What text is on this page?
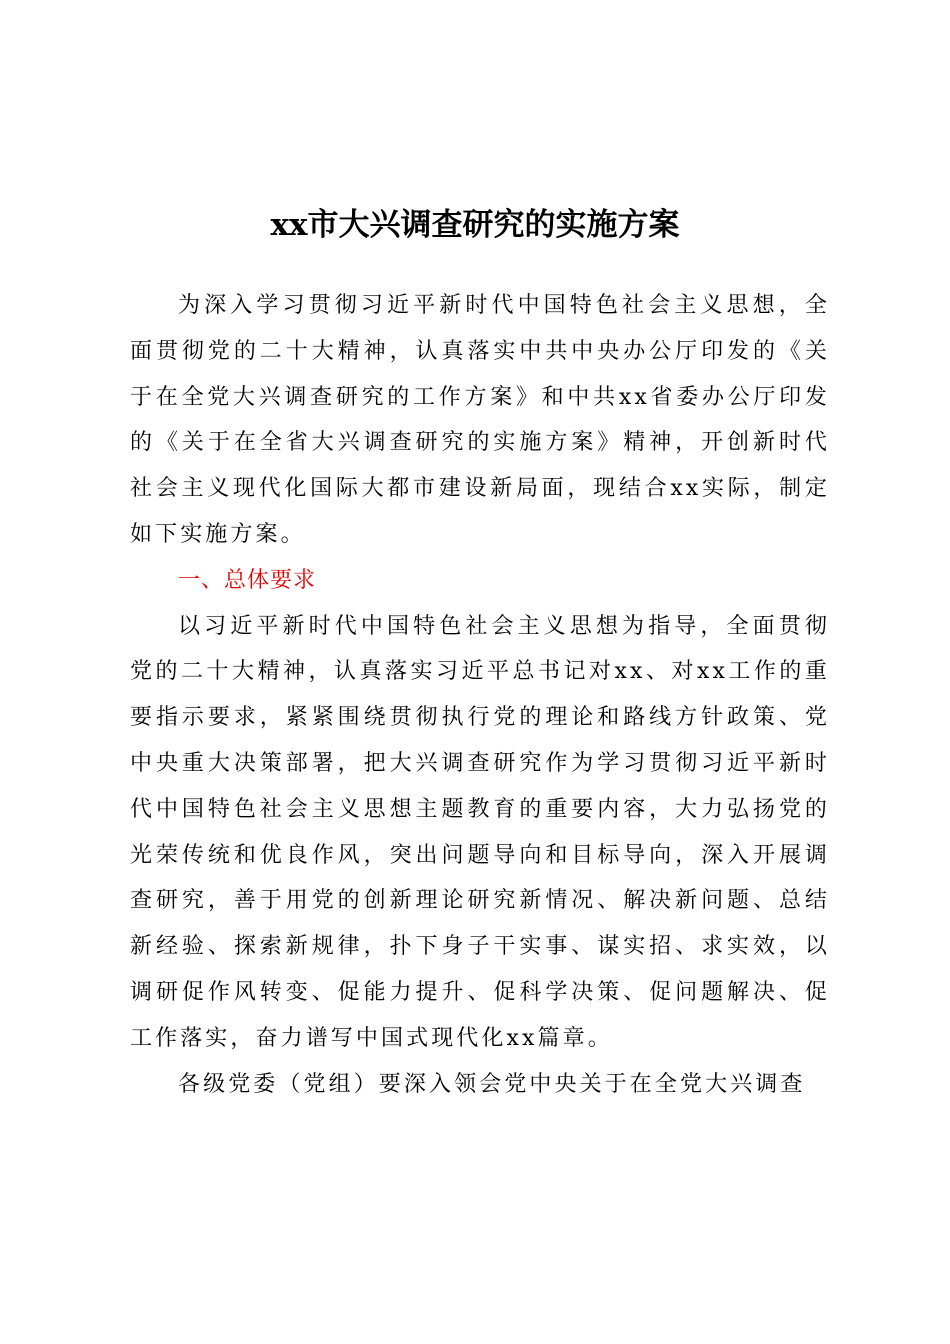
xx市大兴调查研究的实施方案

为深入学习贯彻习近平新时代中国特色社会主义思想，全面贯彻党的二十大精神，认真落实中共中央办公厅印发的《关于在全党大兴调查研究的工作方案》和中共xx省委办公厅印发的《关于在全省大兴调查研究的实施方案》精神，开创新时代社会主义现代化国际大都市建设新局面，现结合xx实际，制定如下实施方案。

一、总体要求

以习近平新时代中国特色社会主义思想为指导，全面贯彻党的二十大精神，认真落实习近平总书记对xx、对xx工作的重要指示要求，紧紧围绕贯彻执行党的理论和路线方针政策、党中央重大决策部署，把大兴调查研究作为学习贯彻习近平新时代中国特色社会主义思想主题教育的重要内容，大力弘扬党的光荣传统和优良作风，突出问题导向和目标导向，深入开展调查研究，善于用党的创新理论研究新情况、解决新问题、总结新经验、探索新规律，扑下身子干实事、谋实招、求实效，以调研促作风转变、促能力提升、促科学决策、促问题解决、促工作落实，奋力谱写中国式现代化xx篇章。

各级党委（党组）要深入领会党中央关于在全党大兴调查
